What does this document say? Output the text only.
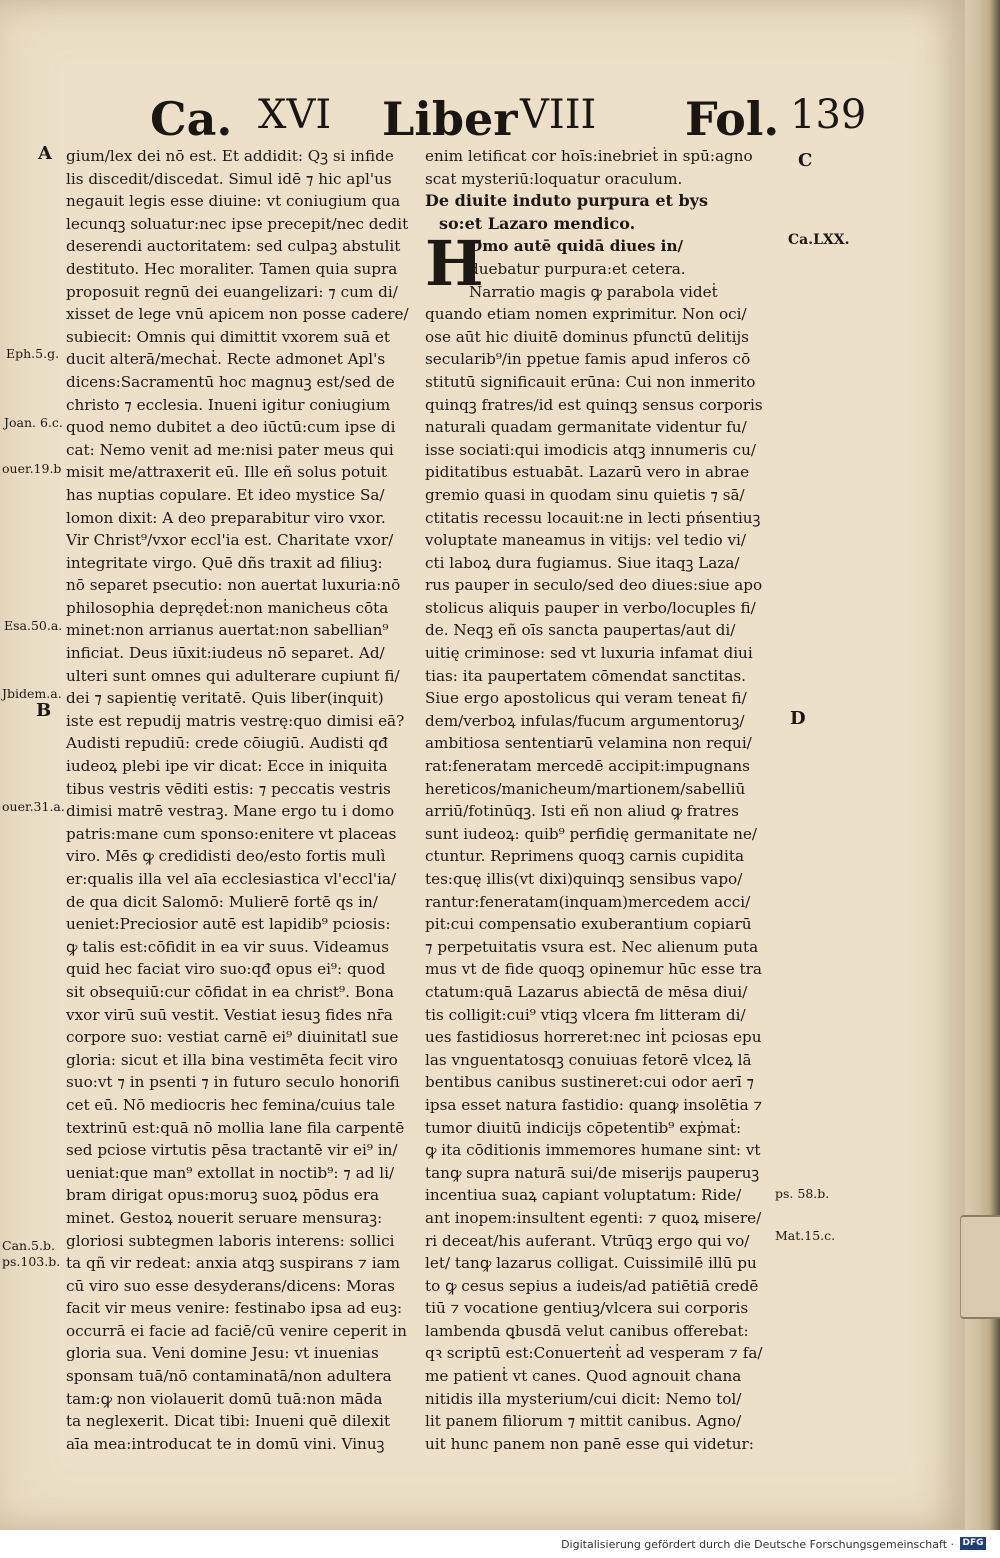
Ca. XVI Liber VIII Fol. 139
A
B
C
D
Eph.5.g.
Joan. 6.c.
ouer.19.b
Esa.50.a.
Jbidem.a.
ouer.31.a.
Can.5.b.
ps.103.b.
Ca.LXX.
ps. 58.b.
Mat.15.c.
gium/lex dei nō est. Et addidit: Qꝫ si infide
lis discedit/discedat. Simul idē ⁊ hic apl'us
negauit legis esse diuine: vt coniugium qua
lecunqꝫ soluatur:nec ipse precepit/nec dedit
deserendi auctoritatem: sed culpaꝫ abstulit
destituto. Hec moraliter. Tamen quia supra
proposuit regnū dei euangelizari: ⁊ cum di/
xisset de lege vnū apicem non posse cadere/
subiecit: Omnis qui dimittit vxorem suā et
ducit alterā/mechaṫ. Recte admonet Apl's
dicens:Sacramentū hoc magnuꝫ est/sed de
christo ⁊ ecclesia. Inueni igitur coniugium
quod nemo dubitet a deo iūctū:cum ipse di
cat: Nemo venit ad me:nisi pater meus qui
misit me/attraxerit eū. Ille eñ solus potuit
has nuptias copulare. Et ideo mystice Sa/
lomon dixit: A deo preparabitur viro vxor.
Vir Christ⁹/vxor eccl'ia est. Charitate vxor/
integritate virgo. Quē dñs traxit ad filiuꝫ:
nō separet psecutio: non auertat luxuria:nō
philosophia deprędeṫ:non manicheus cōta
minet:non arrianus auertat:non sabellian⁹
inficiat. Deus iūxit:iudeus nō separet. Ad/
ulteri sunt omnes qui adulterare cupiunt fi/
dei ⁊ sapientię veritatē. Quis liber(inquit)
iste est repudij matris vestrę:quo dimisi eā?
Audisti repudiū: crede cōiugiū. Audisti qđ
iudeoꝝ plebi ipe vir dicat: Ecce in iniquita
tibus vestris vēditi estis: ⁊ peccatis vestris
dimisi matrē vestraꝫ. Mane ergo tu i domo
patris:mane cum sponso:enitere vt placeas
viro. Mēs ꝙ credidisti deo/esto fortis mulì
er:qualis illa vel aīa ecclesiastica vl'eccl'ia/
de qua dicit Salomō: Mulierē fortē qs in/
ueniet:Preciosior autē est lapidib⁹ pciosis:
ꝙ talis est:cōfidit in ea vir suus. Videamus
quid hec faciat viro suo:qđ opus ei⁹: quod
sit obsequiū:cur cōfidat in ea christ⁹. Bona
vxor virū suū vestit. Vestiat iesuꝫ fides nr̄a
corpore suo: vestiat carnē ei⁹ diuinitatl sue
gloria: sicut et illa bina vestimēta fecit viro
suo:vt ⁊ in psenti ⁊ in futuro seculo honorifi
cet eū. Nō mediocris hec femina/cuius tale
textrinū est:quā nō mollia lane fila carpentē
sed pciose virtutis pēsa tractantē vir ei⁹ in/
ueniat:que man⁹ extollat in noctib⁹: ⁊ ad li/
bram dirigat opus:moruꝫ suoꝝ pōdus era
minet. Gestoꝝ nouerit seruare mensuraꝫ:
gloriosi subtegmen laboris interens: sollici
ta qñ vir redeat: anxia atqꝫ suspirans ⁊ iam
cū viro suo esse desyderans/dicens: Moras
facit vir meus venire: festinabo ipsa ad euꝫ:
occurrā ei facie ad faciē/cū venire ceperit in
gloria sua. Veni domine Jesu: vt inuenias
sponsam tuā/nō contaminatā/non adultera
tam:ꝙ non violauerit domū tuā:non māda
ta neglexerit. Dicat tibi: Inueni quē dilexit
aīa mea:introducat te in domū vini. Vinuꝫ
enim letificat cor hoīs:inebrieṫ in spū:agno
scat mysteriū:loquatur oraculum.
De diuite induto purpura et bys
so:et Lazaro mendico.
Omo autē quidā diues in/
duebatur purpura:et cetera.
Narratio magis ꝙ parabola videṫ
quando etiam nomen exprimitur. Non oci/
ose aūt hic diuitē dominus pfunctū delitijs
secularib⁹/in ppetue famis apud inferos cō
stitutū significauit erūna: Cui non inmerito
quinqꝫ fratres/id est quinqꝫ sensus corporis
naturali quadam germanitate videntur fu/
isse sociati:qui imodicis atqꝫ innumeris cu/
piditatibus estuabāt. Lazarū vero in abrae
gremio quasi in quodam sinu quietis ⁊ sā/
ctitatis recessu locauit:ne in lecti pńsentiuꝫ
voluptate maneamus in vitijs: vel tedio vi/
cti laboꝝ dura fugiamus. Siue itaqꝫ Laza/
rus pauper in seculo/sed deo diues:siue apo
stolicus aliquis pauper in verbo/locuples fi/
de. Neqꝫ eñ oīs sancta paupertas/aut di/
uitię criminose: sed vt luxuria infamat diui
tias: ita paupertatem cōmendat sanctitas.
Siue ergo apostolicus qui veram teneat fi/
dem/verboꝝ infulas/fucum argumentoruꝫ/
ambitiosa sententiarū velamina non requi/
rat:feneratam mercedē accipit:impugnans
hereticos/manicheum/martionem/sabelliū
arriū/fotinūqꝫ. Isti eñ non aliud ꝙ fratres
sunt iudeoꝝ: quib⁹ perfidię germanitate ne/
ctuntur. Reprimens quoqꝫ carnis cupidita
tes:quę illis(vt dixi)quinqꝫ sensibus vapo/
rantur:feneratam(inquam)mercedem acci/
pit:cui compensatio exuberantium copiarū
⁊ perpetuitatis vsura est. Nec alienum puta
mus vt de fide quoqꝫ opinemur hūc esse tra
ctatum:quā Lazarus abiectā de mēsa diui/
tis colligit:cui⁹ vtiqꝫ vlcera fm litteram di/
ues fastidiosus horreret:nec inṫ pciosas epu
las vnguentatosqꝫ conuiuas fetorē vlceꝝ lā
bentibus canibus sustineret:cui odor aerī ⁊
ipsa esset natura fastidio: quanꝙ insolētia ⁊
tumor diuitū indicijs cōpetentib⁹ exṗmaṫ:
ꝙ ita cōditionis immemores humane sint: vt
tanꝙ supra naturā sui/de miserijs pauperuꝫ
incentiua suaꝝ capiant voluptatum: Ride/
ant inopem:insultent egenti: ⁊ quoꝝ misere/
ri deceat/his auferant. Vtrūqꝫ ergo qui vo/
let/ tanꝙ lazarus colligat. Cuissimilē illū pu
to ꝙ cesus sepius a iudeis/ad patiētiā credē
tiū ⁊ vocatione gentiuꝫ/vlcera sui corporis
lambenda ꝗbusdā velut canibus offerebat:
qꝛ scriptū est:Conuerteṅṫ ad vesperam ⁊ fa/
me patienṫ vt canes. Quod agnouit chana
nitidis illa mysterium/cui dicit: Nemo tol/
lit panem filiorum ⁊ mittit canibus. Agno/
uit hunc panem non panē esse qui videtur:
H
Digitalisierung gefördert durch die Deutsche Forschungsgemeinschaft · DFG
